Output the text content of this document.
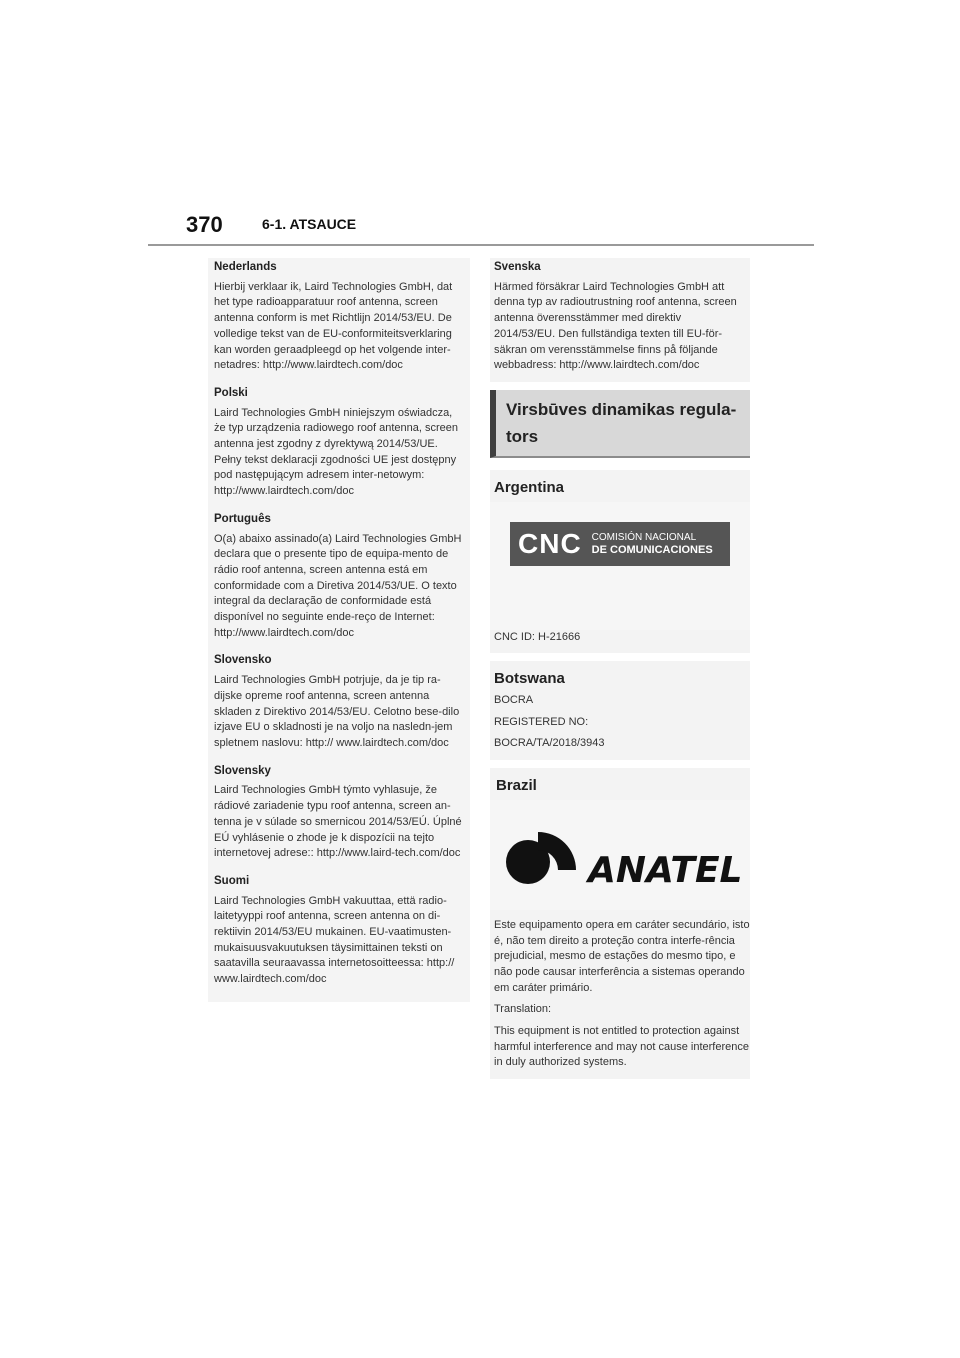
370	6-1. ATSAUCE
Nederlands
Hierbij verklaar ik, Laird Technologies GmbH, dat het type radioapparatuur roof antenna, screen antenna conform is met Richtlijn 2014/53/EU. De volledige tekst van de EU-conformiteitsverklaring kan worden geraadpleegd op het volgende inter-netadres: http://www.lairdtech.com/doc
Polski
Laird Technologies GmbH niniejszym oświadcza, że typ urządzenia radiowego roof antenna, screen antenna jest zgodny z dyrektywą 2014/53/UE. Pełny tekst deklaracji zgodności UE jest dostępny pod następującym adresem inter-netowym: http://www.lairdtech.com/doc
Português
O(a) abaixo assinado(a) Laird Technologies GmbH declara que o presente tipo de equipa-mento de rádio roof antenna, screen antenna está em conformidade com a Diretiva 2014/53/UE. O texto integral da declaração de conformidade está disponível no seguinte ende-reço de Internet: http://www.lairdtech.com/doc
Slovensko
Laird Technologies GmbH potrjuje, da je tip ra-dijske opreme roof antenna, screen antenna skladen z Direktivo 2014/53/EU. Celotno bese-dilo izjave EU o skladnosti je na voljo na nasledn-jem spletnem naslovu: http:// www.lairdtech.com/doc
Slovensky
Laird Technologies GmbH týmto vyhlasuje, že rádiové zariadenie typu roof antenna, screen an-tenna je v súlade so smernicou 2014/53/EÚ. Úplné EÚ vyhlásenie o zhode je k dispozícii na tejto internetovej adrese:: http://www.laird-tech.com/doc
Suomi
Laird Technologies GmbH vakuuttaa, että radio-laitetyyppi roof antenna, screen antenna on di-rektiivin 2014/53/EU mukainen. EU-vaatimusten-mukaisuusvakuutuksen täysimittainen teksti on saatavilla seuraavassa internetosoitteessa: http:// www.lairdtech.com/doc
Svenska
Härmed försäkrar Laird Technologies GmbH att denna typ av radioutrustning roof antenna, screen antenna överensstämmer med direktiv 2014/53/EU. Den fullständiga texten till EU-för-säkran om verensstämmelse finns på följande webbadress: http://www.lairdtech.com/doc
Virsbūves dinamikas regula-tors
Argentina
CNC COMISIÓN NACIONAL
DE COMUNICACIONES
CNC ID: H-21666
Botswana
BOCRA
REGISTERED NO:
BOCRA/TA/2018/3943
Brazil
ANATEL
Este equipamento opera em caráter secundário, isto é, não tem direito a proteção contra interfe-rência prejudicial, mesmo de estações do mesmo tipo, e não pode causar interferência a sistemas operando em caráter primário.
Translation:
This equipment is not entitled to protection against harmful interference and may not cause interference in duly authorized systems.
